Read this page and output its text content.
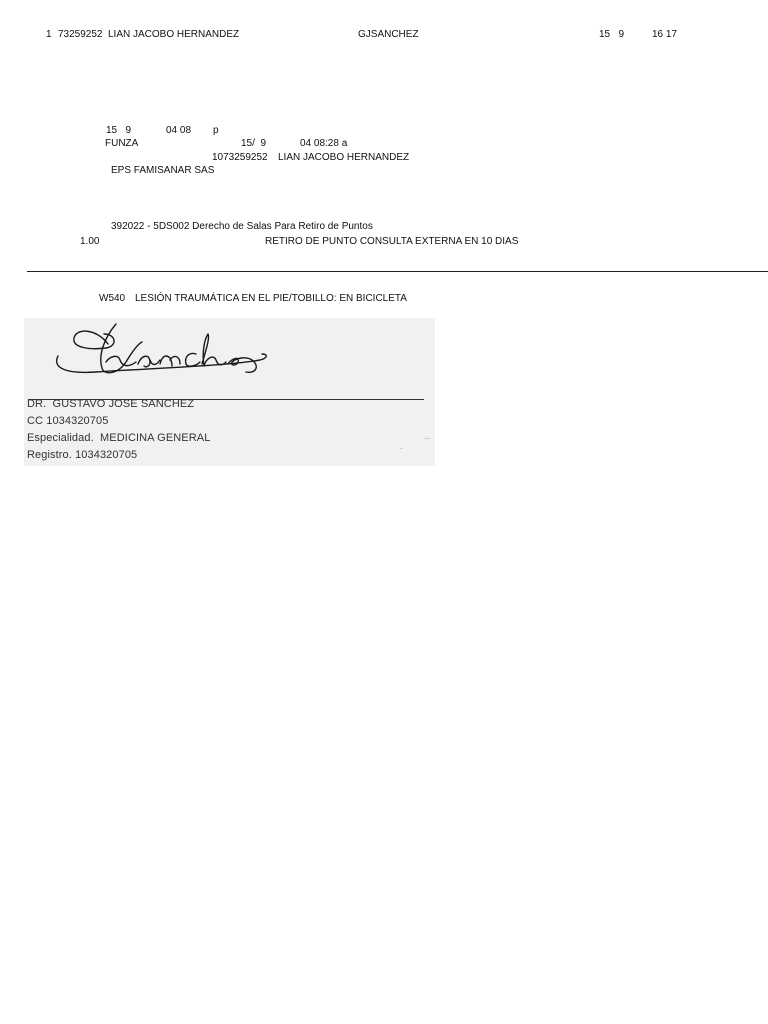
1 73259252 LIAN JACOBO HERNANDEZ	GJSANCHEZ	15   9	16 17
15   9	04 08 p
FUNZA	15/  9	04 08:28 a
1073259252 LIAN JACOBO HERNANDEZ
EPS FAMISANAR SAS
392022 - 5DS002 Derecho de Salas Para Retiro de Puntos
1.00	RETIRO DE PUNTO CONSULTA EXTERNA EN 10 DIAS
W540 LESIÓN TRAUMÁTICA EN EL PIE/TOBILLO: EN BICICLETA
DR.  GUSTAVO JOSE SANCHEZ
CC 1034320705
Especialidad.  MEDICINA GENERAL
Registro. 1034320705
